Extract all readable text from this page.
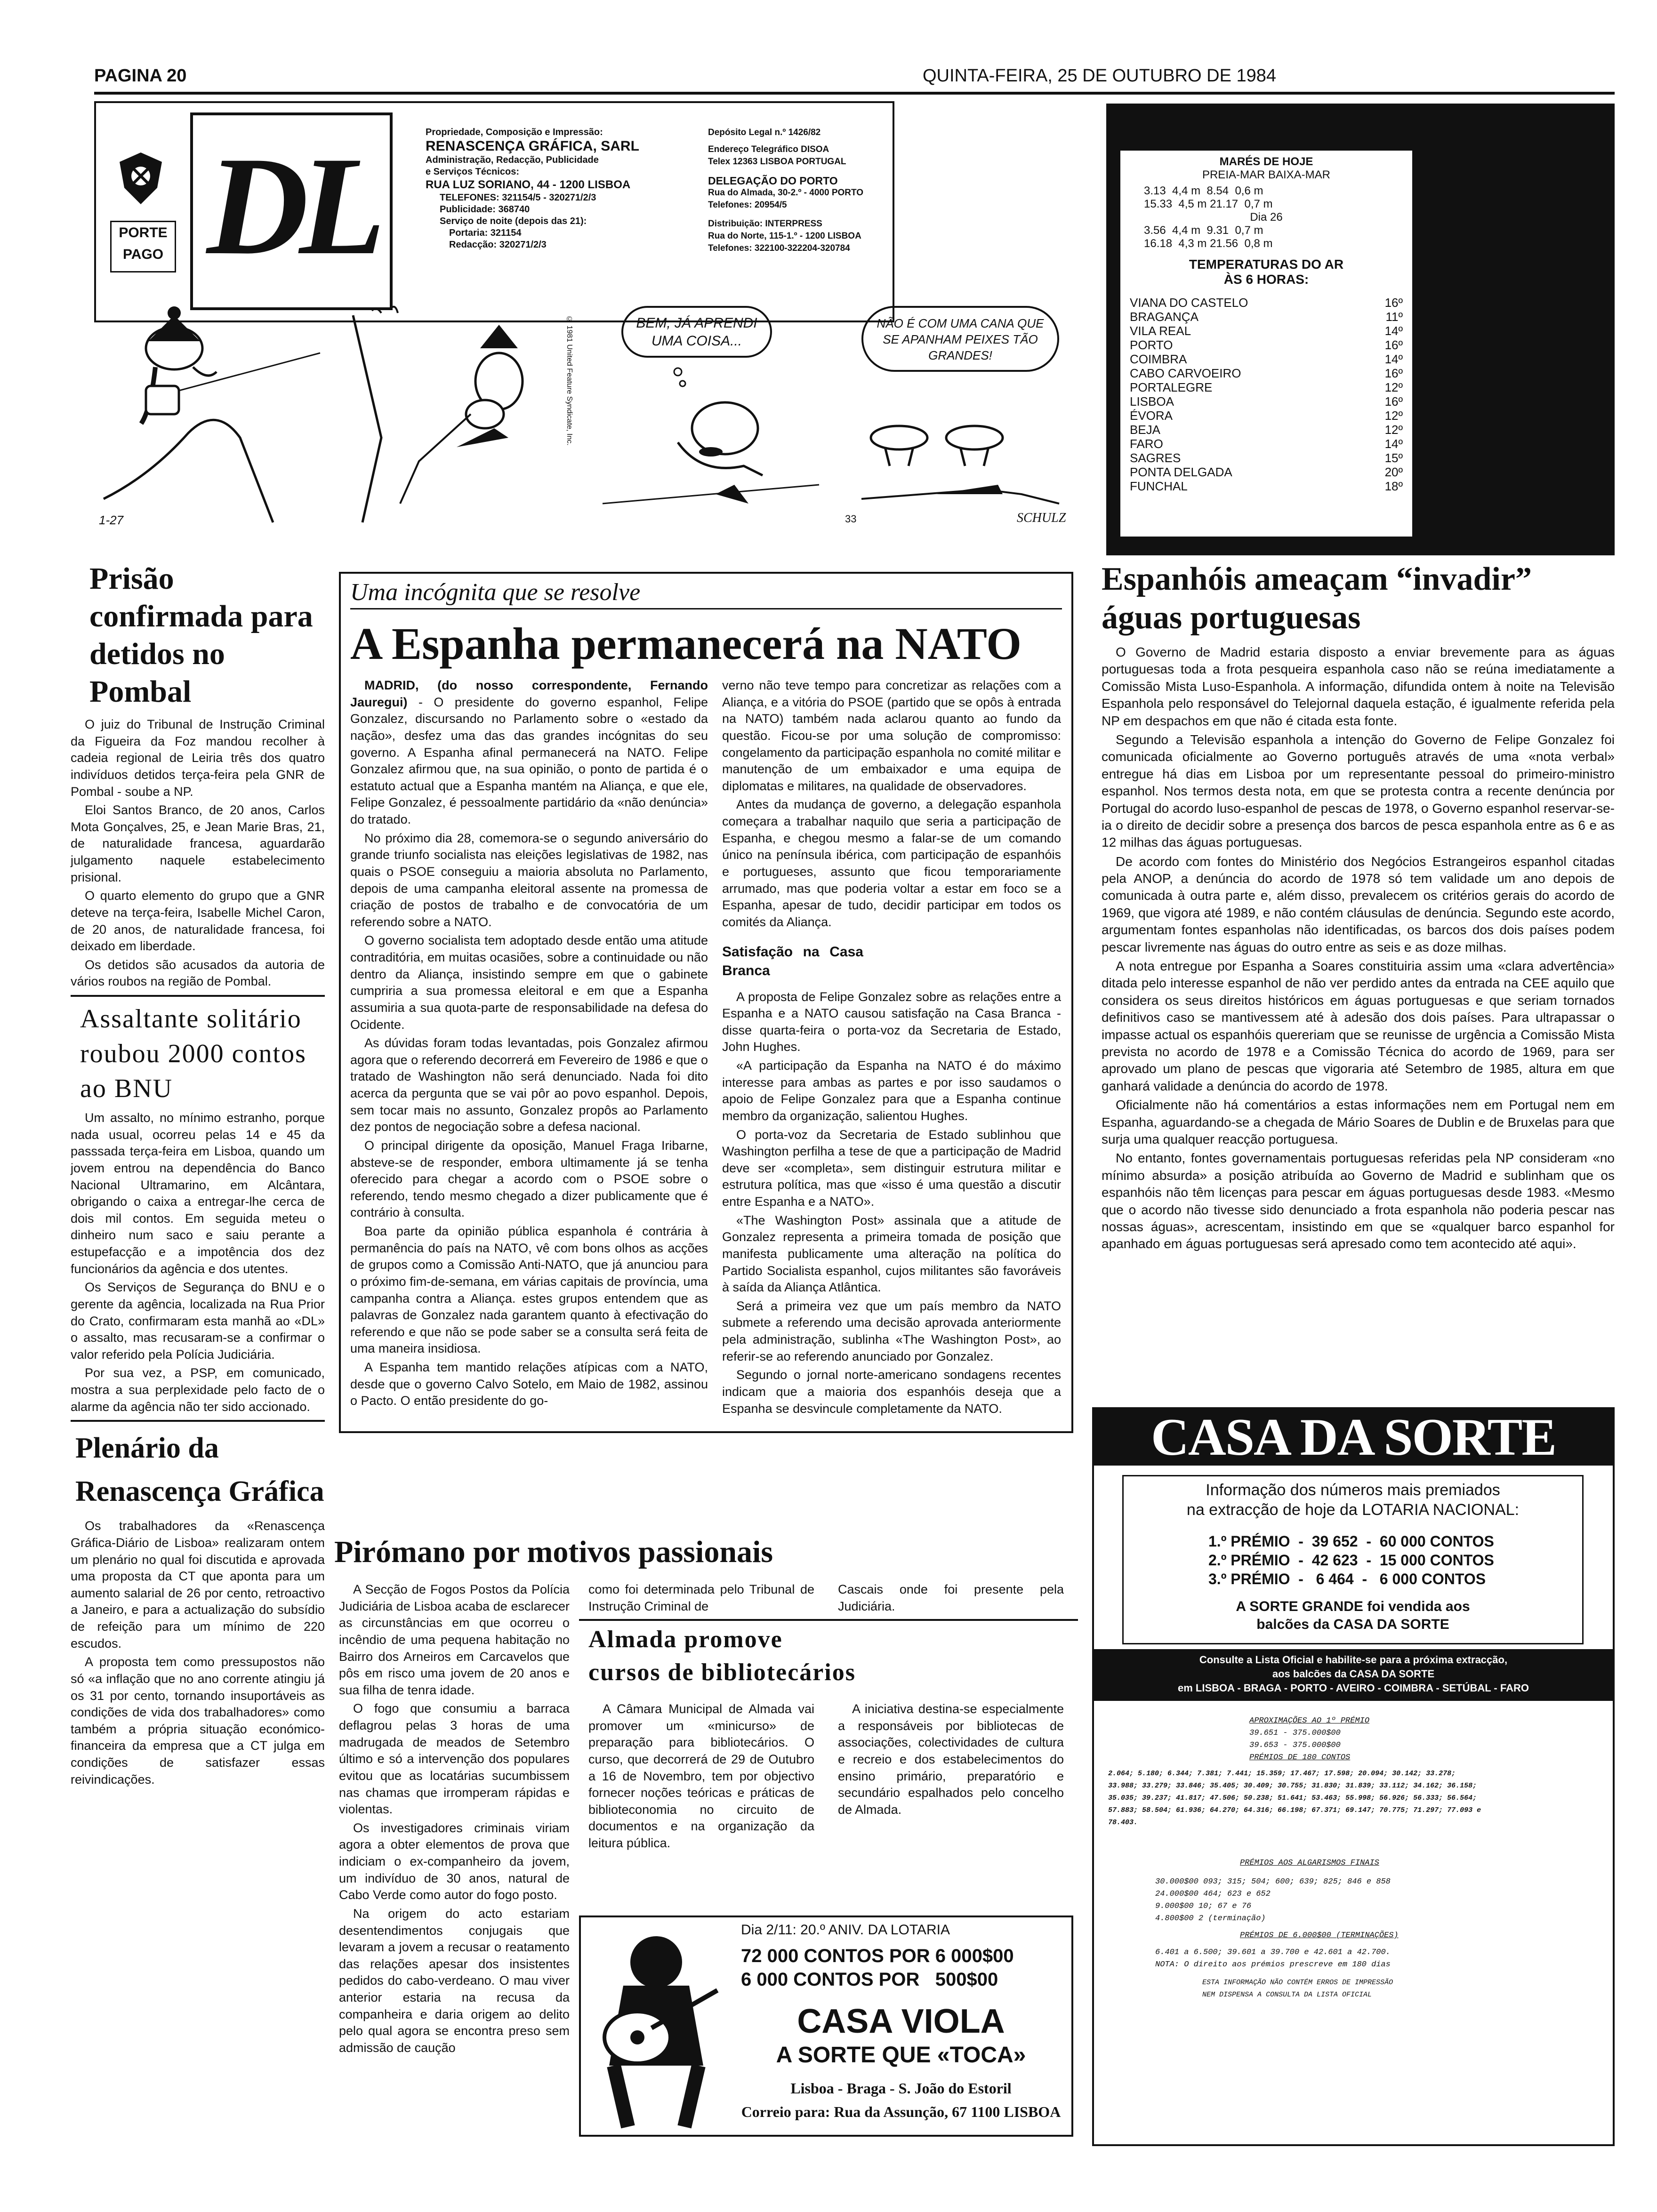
PAGINA 20	QUINTA-FEIRA, 25 DE OUTUBRO DE 1984
PORTE
PAGO DL	Propriedade, Composição e Impressão:
RENASCENÇA GRÁFICA, SARL
Administração, Redacção, Publicidade
e Serviços Técnicos:
RUA LUZ SORIANO, 44 - 1200 LISBOA
TELEFONES: 321154/5 - 320271/2/3
Publicidade: 368740
Serviço de noite (depois das 21):
Portaria: 321154
Redacção: 320271/2/3
Depósito Legal n.º 1426/82
Endereço Telegráfico DISOA
Telex 12363 LISBOA PORTUGAL
DELEGAÇÃO DO PORTO
Rua do Almada, 30-2.º - 4000 PORTO
Telefones: 20954/5
Distribuição: INTERPRESS
Rua do Norte, 115-1.º - 1200 LISBOA
Telefones: 322100-322204-320784
MARÉS DE HOJE
PREIA-MAR BAIXA-MAR
3.13  4,4 m  8.54  0,6 m
15.33  4,5 m 21.17  0,7 m
Dia 26
3.56  4,4 m  9.31  0,7 m
16.18  4,3 m 21.56  0,8 m
TEMPERATURAS DO AR
ÀS 6 HORAS:
VIANA DO CASTELO	16º
BRAGANÇA	11º
VILA REAL	14º
PORTO	16º
COIMBRA	14º
CABO CARVOEIRO	16º
PORTALEGRE	12º
LISBOA	16º
ÉVORA	12º
BEJA	12º
FARO	14º
SAGRES	15º
PONTA DELGADA	20º
FUNCHAL	18º
1-27
© 1981 United Feature Syndicate, Inc.	BEM, JÁ APRENDI UMA COISA...
NÃO É COM UMA CANA QUE SE APANHAM PEIXES TÃO GRANDES!
33	SCHULZ
Prisão confirmada para detidos no Pombal

O juiz do Tribunal de Instrução Criminal da Figueira da Foz mandou recolher à cadeia regional de Leiria três dos quatro indivíduos detidos terça-feira pela GNR de Pombal - soube a NP.

Eloi Santos Branco, de 20 anos, Carlos Mota Gonçalves, 25, e Jean Marie Bras, 21, de naturalidade francesa, aguardarão julgamento naquele estabelecimento prisional.

O quarto elemento do grupo que a GNR deteve na terça-feira, Isabelle Michel Caron, de 20 anos, de naturalidade francesa, foi deixado em liberdade.

Os detidos são acusados da autoria de vários roubos na região de Pombal.

Assaltante solitário roubou 2000 contos ao BNU

Um assalto, no mínimo estranho, porque nada usual, ocorreu pelas 14 e 45 da passsada terça-feira em Lisboa, quando um jovem entrou na dependência do Banco Nacional Ultramarino, em Alcântara, obrigando o caixa a entregar-lhe cerca de dois mil contos. Em seguida meteu o dinheiro num saco e saiu perante a estupefacção e a impotência dos dez funcionários da agência e dos utentes.

Os Serviços de Segurança do BNU e o gerente da agência, localizada na Rua Prior do Crato, confirmaram esta manhã ao «DL» o assalto, mas recusaram-se a confirmar o valor referido pela Polícia Judiciária.

Por sua vez, a PSP, em comunicado, mostra a sua perplexidade pelo facto de o alarme da agência não ter sido accionado.

Plenário da Renascença Gráfica

Os trabalhadores da «Renascença Gráfica-Diário de Lisboa» realizaram ontem um plenário no qual foi discutida e aprovada uma proposta da CT que aponta para um aumento salarial de 26 por cento, retroactivo a Janeiro, e para a actualização do subsídio de refeição para um mínimo de 220 escudos.

A proposta tem como pressupostos não só «a inflação que no ano corrente atingiu já os 31 por cento, tornando insuportáveis as condições de vida dos trabalhadores» como também a própria situação económico-financeira da empresa que a CT julga em condições de satisfazer essas reivindicações.

Uma incógnita que se resolve
A Espanha permanecerá na NATO

MADRID, (do nosso correspondente, Fernando Jauregui) - O presidente do governo espanhol, Felipe Gonzalez, discursando no Parlamento sobre o «estado da nação», desfez uma das das grandes incógnitas do seu governo. A Espanha afinal permanecerá na NATO. Felipe Gonzalez afirmou que, na sua opinião, o ponto de partida é o estatuto actual que a Espanha mantém na Aliança, e que ele, Felipe Gonzalez, é pessoalmente partidário da «não denúncia» do tratado.

No próximo dia 28, comemora-se o segundo aniversário do grande triunfo socialista nas eleições legislativas de 1982, nas quais o PSOE conseguiu a maioria absoluta no Parlamento, depois de uma campanha eleitoral assente na promessa de criação de postos de trabalho e de convocatória de um referendo sobre a NATO.

O governo socialista tem adoptado desde então uma atitude contraditória, em muitas ocasiões, sobre a continuidade ou não dentro da Aliança, insistindo sempre em que o gabinete cumpriria a sua promessa eleitoral e em que a Espanha assumiria a sua quota-parte de responsabilidade na defesa do Ocidente.

As dúvidas foram todas levantadas, pois Gonzalez afirmou agora que o referendo decorrerá em Fevereiro de 1986 e que o tratado de Washington não será denunciado. Nada foi dito acerca da pergunta que se vai pôr ao povo espanhol. Depois, sem tocar mais no assunto, Gonzalez propôs ao Parlamento dez pontos de negociação sobre a defesa nacional.

O principal dirigente da oposição, Manuel Fraga Iribarne, absteve-se de responder, embora ultimamente já se tenha oferecido para chegar a acordo com o PSOE sobre o referendo, tendo mesmo chegado a dizer publicamente que é contrário à consulta.

Boa parte da opinião pública espanhola é contrária à permanência do país na NATO, vê com bons olhos as acções de grupos como a Comissão Anti-NATO, que já anunciou para o próximo fim-de-semana, em várias capitais de província, uma campanha contra a Aliança. estes grupos entendem que as palavras de Gonzalez nada garantem quanto à efectivação do referendo e que não se pode saber se a consulta será feita de uma maneira insidiosa.

A Espanha tem mantido relações atípicas com a NATO, desde que o governo Calvo Sotelo, em Maio de 1982, assinou o Pacto. O então presidente do go-

verno não teve tempo para concretizar as relações com a Aliança, e a vitória do PSOE (partido que se opôs à entrada na NATO) também nada aclarou quanto ao fundo da questão. Ficou-se por uma solução de compromisso: congelamento da participação espanhola no comité militar e manutenção de um embaixador e uma equipa de diplomatas e militares, na qualidade de observadores.

Antes da mudança de governo, a delegação espanhola começara a trabalhar naquilo que seria a participação de Espanha, e chegou mesmo a falar-se de um comando único na península ibérica, com participação de espanhóis e portugueses, assunto que ficou temporariamente arrumado, mas que poderia voltar a estar em foco se a Espanha, apesar de tudo, decidir participar em todos os comités da Aliança.

Satisfação na Casa Branca

A proposta de Felipe Gonzalez sobre as relações entre a Espanha e a NATO causou satisfação na Casa Branca - disse quarta-feira o porta-voz da Secretaria de Estado, John Hughes.

«A participação da Espanha na NATO é do máximo interesse para ambas as partes e por isso saudamos o apoio de Felipe Gonzalez para que a Espanha continue membro da organização, salientou Hughes.

O porta-voz da Secretaria de Estado sublinhou que Washington perfilha a tese de que a participação de Madrid deve ser «completa», sem distinguir estrutura militar e estrutura política, mas que «isso é uma questão a discutir entre Espanha e a NATO».

«The Washington Post» assinala que a atitude de Gonzalez representa a primeira tomada de posição que manifesta publicamente uma alteração na política do Partido Socialista espanhol, cujos militantes são favoráveis à saída da Aliança Atlântica.

Será a primeira vez que um país membro da NATO submete a referendo uma decisão aprovada anteriormente pela administração, sublinha «The Washington Post», ao referir-se ao referendo anunciado por Gonzalez.

Segundo o jornal norte-americano sondagens recentes indicam que a maioria dos espanhóis deseja que a Espanha se desvincule completamente da NATO.

Espanhóis ameaçam “invadir” águas portuguesas

O Governo de Madrid estaria disposto a enviar brevemente para as águas portuguesas toda a frota pesqueira espanhola caso não se reúna imediatamente a Comissão Mista Luso-Espanhola. A informação, difundida ontem à noite na Televisão Espanhola pelo responsável do Telejornal daquela estação, é igualmente referida pela NP em despachos em que não é citada esta fonte.

Segundo a Televisão espanhola a intenção do Governo de Felipe Gonzalez foi comunicada oficialmente ao Governo português através de uma «nota verbal» entregue há dias em Lisboa por um representante pessoal do primeiro-ministro espanhol. Nos termos desta nota, em que se protesta contra a recente denúncia por Portugal do acordo luso-espanhol de pescas de 1978, o Governo espanhol reservar-se-ia o direito de decidir sobre a presença dos barcos de pesca espanhola entre as 6 e as 12 milhas das águas portuguesas.

De acordo com fontes do Ministério dos Negócios Estrangeiros espanhol citadas pela ANOP, a denúncia do acordo de 1978 só tem validade um ano depois de comunicada à outra parte e, além disso, prevalecem os critérios gerais do acordo de 1969, que vigora até 1989, e não contém cláusulas de denúncia. Segundo este acordo, argumentam fontes espanholas não identificadas, os barcos dos dois países podem pescar livremente nas águas do outro entre as seis e as doze milhas.

A nota entregue por Espanha a Soares constituiria assim uma «clara advertência» ditada pelo interesse espanhol de não ver perdido antes da entrada na CEE aquilo que considera os seus direitos históricos em águas portuguesas e que seriam tornados definitivos caso se mantivessem até à adesão dos dois países. Para ultrapassar o impasse actual os espanhóis quereriam que se reunisse de urgência a Comissão Mista prevista no acordo de 1978 e a Comissão Técnica do acordo de 1969, para ser aprovado um plano de pescas que vigoraria até Setembro de 1985, altura em que ganhará validade a denúncia do acordo de 1978.

Oficialmente não há comentários a estas informações nem em Portugal nem em Espanha, aguardando-se a chegada de Mário Soares de Dublin e de Bruxelas para que surja uma qualquer reacção portuguesa.

No entanto, fontes governamentais portuguesas referidas pela NP consideram «no mínimo absurda» a posição atribuída ao Governo de Madrid e sublinham que os espanhóis não têm licenças para pescar em águas portuguesas desde 1983. «Mesmo que o acordo não tivesse sido denunciado a frota espanhola não poderia pescar nas nossas águas», acrescentam, insistindo em que se «qualquer barco espanhol for apanhado em águas portuguesas será apresado como tem acontecido até aqui».

Pirómano por motivos passionais

A Secção de Fogos Postos da Polícia Judiciária de Lisboa acaba de esclarecer as circunstâncias em que ocorreu o incêndio de uma pequena habitação no Bairro dos Arneiros em Carcavelos que pôs em risco uma jovem de 20 anos e sua filha de tenra idade.

O fogo que consumiu a barraca deflagrou pelas 3 horas de uma madrugada de meados de Setembro último e só a intervenção dos populares evitou que as locatárias sucumbissem nas chamas que irromperam rápidas e violentas.

Os investigadores criminais viriam agora a obter elementos de prova que indiciam o ex-companheiro da jovem, um indivíduo de 30 anos, natural de Cabo Verde como autor do fogo posto.

Na origem do acto estariam desentendimentos conjugais que levaram a jovem a recusar o reatamento das relações apesar dos insistentes pedidos do cabo-verdeano. O mau viver anterior estaria na recusa da companheira e daria origem ao delito pelo qual agora se encontra preso sem admissão de caução

como foi determinada pelo Tribunal de Instrução Criminal de

Cascais onde foi presente pela Judiciária.

Almada promove
cursos de bibliotecários

A Câmara Municipal de Almada vai promover um «minicurso» de preparação para bibliotecários. O curso, que decorrerá de 29 de Outubro a 16 de Novembro, tem por objectivo fornecer noções teóricas e práticas de biblioteconomia no circuito de documentos e na organização da leitura pública.

A iniciativa destina-se especialmente a responsáveis por bibliotecas de associações, colectividades de cultura e recreio e dos estabelecimentos do ensino primário, preparatório e secundário espalhados pelo concelho de Almada.

Dia 2/11: 20.º ANIV. DA LOTARIA
72 000 CONTOS POR 6 000$00
6 000 CONTOS POR   500$00
CASA VIOLA
A SORTE QUE «TOCA»
Lisboa - Braga - S. João do Estoril
Correio para: Rua da Assunção, 67 1100 LISBOA
CASA DA SORTE
Informação dos números mais premiados
na extracção de hoje da LOTARIA NACIONAL:
1.º PRÉMIO  -  39 652  -  60 000 CONTOS
2.º PRÉMIO  -  42 623  -  15 000 CONTOS
3.º PRÉMIO  -   6 464  -   6 000 CONTOS
A SORTE GRANDE foi vendida aos
balcões da CASA DA SORTE
Consulte a Lista Oficial e habilite-se para a próxima extracção,
aos balcões da CASA DA SORTE
em LISBOA - BRAGA - PORTO - AVEIRO - COIMBRA - SETÚBAL - FARO
APROXIMAÇÕES AO 1º PRÉMIO
39.651 - 375.000$00
39.653 - 375.000$00
PRÉMIOS DE 180 CONTOS
2.064; 5.180; 6.344; 7.381; 7.441; 15.359; 17.467; 17.598; 20.094; 30.142; 33.278;
33.988; 33.279; 33.846; 35.405; 30.409; 30.755; 31.830; 31.839; 33.112; 34.162; 36.158;
35.035; 39.237; 41.817; 47.506; 50.238; 51.641; 53.463; 55.998; 56.926; 56.333; 56.564;
57.883; 58.504; 61.936; 64.270; 64.316; 66.198; 67.371; 69.147; 70.775; 71.297; 77.093 e
78.403.
PRÉMIOS AOS ALGARISMOS FINAIS
30.000$00 093; 315; 504; 600; 639; 825; 846 e 858
24.000$00 464; 623 e 652
9.000$00 10; 67 e 76
4.800$00 2 (terminação)
PRÉMIOS DE 6.000$00 (TERMINAÇÕES)
6.401 a 6.500; 39.601 a 39.700 e 42.601 a 42.700.
NOTA: O direito aos prémios prescreve em 180 dias
ESTA INFORMAÇÃO NÃO CONTÉM ERROS DE IMPRESSÃO
NEM DISPENSA A CONSULTA DA LISTA OFICIAL
